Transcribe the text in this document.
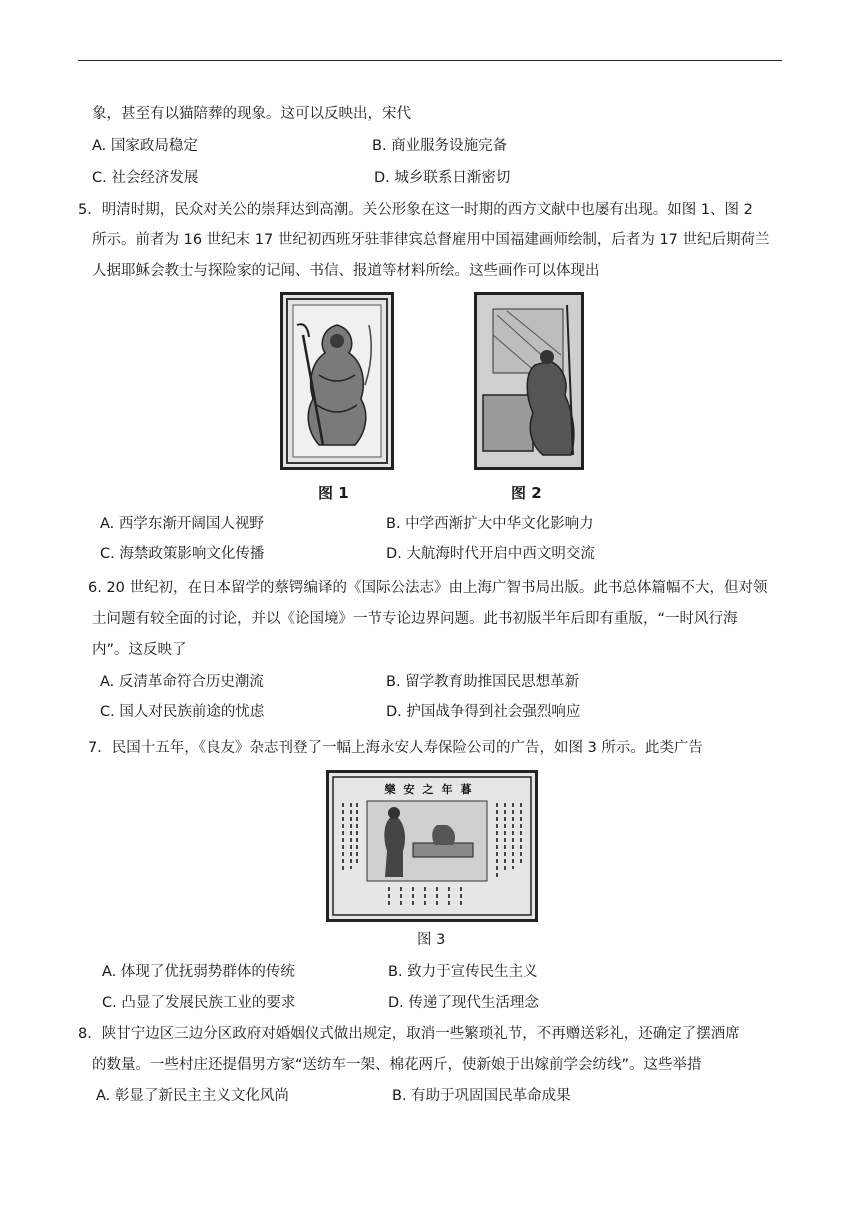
象，甚至有以猫陪葬的现象。这可以反映出，宋代
A. 国家政局稳定	B. 商业服务设施完备
C. 社会经济发展	D. 城乡联系日渐密切
5．明清时期，民众对关公的崇拜达到高潮。关公形象在这一时期的西方文献中也屡有出现。如图 1、图 2
所示。前者为 16 世纪末 17 世纪初西班牙驻菲律宾总督雇用中国福建画师绘制，后者为 17 世纪后期荷兰
人据耶稣会教士与探险家的记闻、书信、报道等材料所绘。这些画作可以体现出
图 1	图 2
A. 西学东渐开阔国人视野	B. 中学西渐扩大中华文化影响力
C. 海禁政策影响文化传播	D. 大航海时代开启中西文明交流
6. 20 世纪初，在日本留学的蔡锷编译的《国际公法志》由上海广智书局出版。此书总体篇幅不大，但对领
土问题有较全面的讨论，并以《论国境》一节专论边界问题。此书初版半年后即有重版，“一时风行海
内”。这反映了
A. 反清革命符合历史潮流	B. 留学教育助推国民思想革新
C. 国人对民族前途的忧虑	D. 护国战争得到社会强烈响应
7．民国十五年，《良友》杂志刊登了一幅上海永安人寿保险公司的广告，如图 3 所示。此类广告
樂安之年暮
图 3
A. 体现了优抚弱势群体的传统	B. 致力于宣传民生主义
C. 凸显了发展民族工业的要求	D. 传递了现代生活理念
8．陕甘宁边区三边分区政府对婚姻仪式做出规定，取消一些繁琐礼节，不再赠送彩礼，还确定了摆酒席
的数量。一些村庄还提倡男方家“送纺车一架、棉花两斤，使新娘于出嫁前学会纺线”。这些举措
A. 彰显了新民主主义文化风尚	B. 有助于巩固国民革命成果
